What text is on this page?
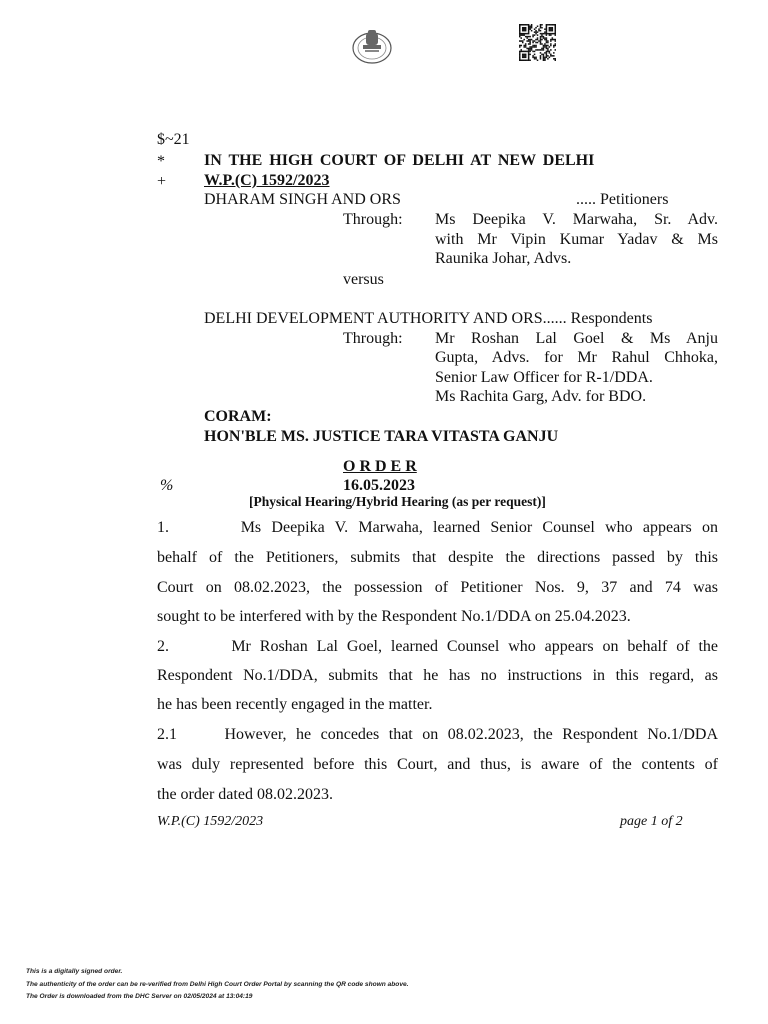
$~21
* IN THE HIGH COURT OF DELHI AT NEW DELHI
+ W.P.(C) 1592/2023
DHARAM SINGH AND ORS	..... Petitioners
Through: Ms Deepika V. Marwaha, Sr. Adv.
with Mr Vipin Kumar Yadav & Ms
Raunika Johar, Advs.
versus
DELHI DEVELOPMENT AUTHORITY AND ORS...... Respondents
Through: Mr Roshan Lal Goel & Ms Anju
Gupta, Advs. for Mr Rahul Chhoka,
Senior Law Officer for R-1/DDA.
Ms Rachita Garg, Adv. for BDO.
CORAM:
HON'BLE MS. JUSTICE TARA VITASTA GANJU
O R D E R
%	16.05.2023
[Physical Hearing/Hybrid Hearing (as per request)]
1.       Ms Deepika V. Marwaha, learned Senior Counsel who appears on
behalf of the Petitioners, submits that despite the directions passed by this
Court on 08.02.2023, the possession of Petitioner Nos. 9, 37 and 74 was
sought to be interfered with by the Respondent No.1/DDA on 25.04.2023.
2.       Mr Roshan Lal Goel, learned Counsel who appears on behalf of the
Respondent No.1/DDA, submits that he has no instructions in this regard, as
he has been recently engaged in the matter.
2.1     However, he concedes that on 08.02.2023, the Respondent No.1/DDA
was duly represented before this Court, and thus, is aware of the contents of
the order dated 08.02.2023.
W.P.(C) 1592/2023	page 1 of 2
This is a digitally signed order.
The authenticity of the order can be re-verified from Delhi High Court Order Portal by scanning the QR code shown above.
The Order is downloaded from the DHC Server on 02/05/2024 at 13:04:19
